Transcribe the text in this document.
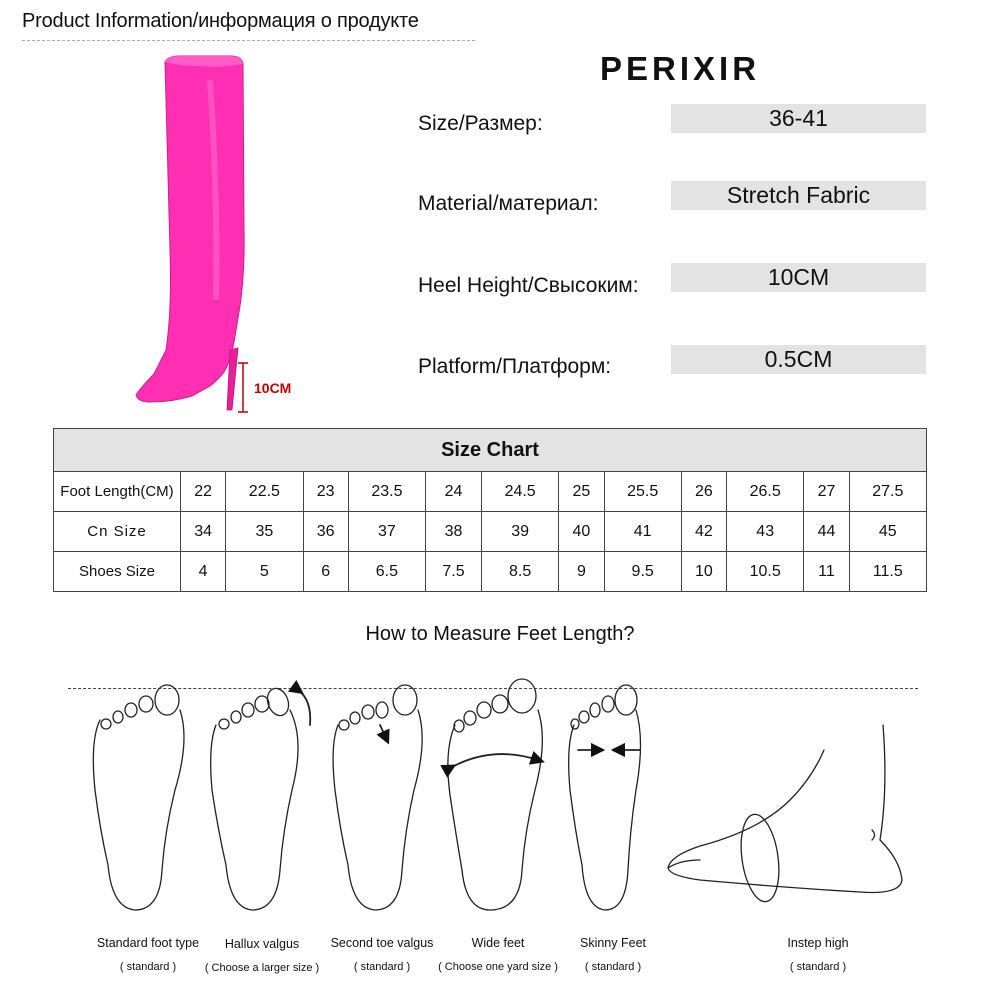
Product Information/информация о продукте
10CM
PERIXIR
Size/Размер:	36-41
Material/материал:	Stretch Fabric
Heel Height/Свысоким:	10CM
Platform/Платформ:	0.5CM
Size Chart												
Foot Length(CM)	22	22.5	23	23.5	24	24.5	25	25.5	26	26.5	27	27.5
Cn Size	34	35	36	37	38	39	40	41	42	43	44	45
Shoes Size	4	5	6	6.5	7.5	8.5	9	9.5	10	10.5	11	11.5
How to Measure Feet Length?
Standard foot type
( standard )
Hallux valgus
( Choose a larger size )
Second toe valgus
( standard )
Wide feet
( Choose one yard size )
Skinny Feet
( standard )
Instep high
( standard )
